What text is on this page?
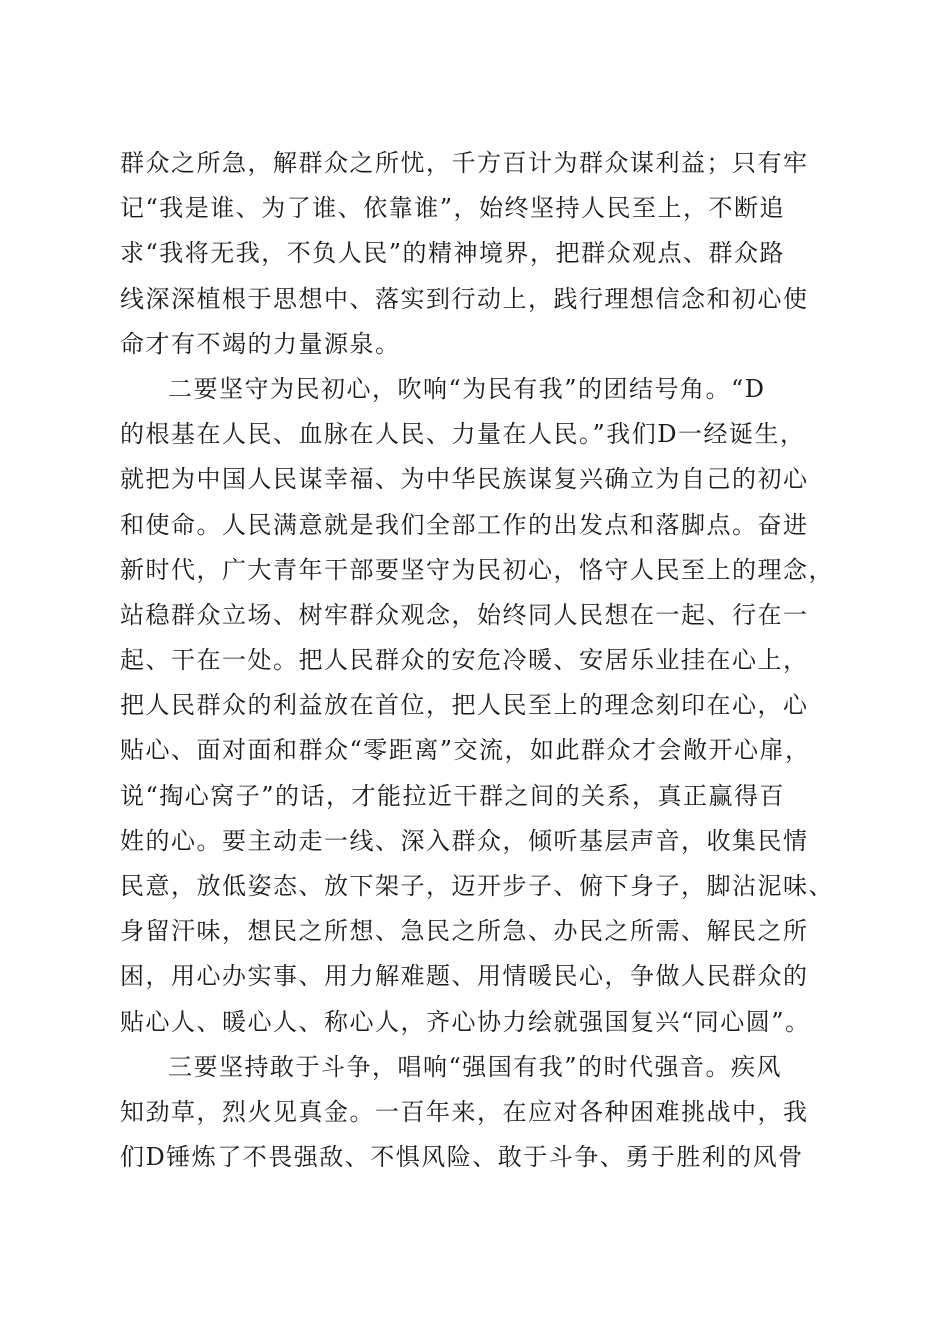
群众之所急，解群众之所忧，千方百计为群众谋利益；只有牢
记“我是谁、为了谁、依靠谁”，始终坚持人民至上，不断追
求“我将无我，不负人民”的精神境界，把群众观点、群众路
线深深植根于思想中、落实到行动上，践行理想信念和初心使
命才有不竭的力量源泉。
二要坚守为民初心，吹响“为民有我”的团结号角。“D
的根基在人民、血脉在人民、力量在人民。”我们D一经诞生，
就把为中国人民谋幸福、为中华民族谋复兴确立为自己的初心
和使命。人民满意就是我们全部工作的出发点和落脚点。奋进
新时代，广大青年干部要坚守为民初心，恪守人民至上的理念，
站稳群众立场、树牢群众观念，始终同人民想在一起、行在一
起、干在一处。把人民群众的安危冷暖、安居乐业挂在心上，
把人民群众的利益放在首位，把人民至上的理念刻印在心，心
贴心、面对面和群众“零距离”交流，如此群众才会敞开心扉，
说“掏心窝子”的话，才能拉近干群之间的关系，真正赢得百
姓的心。要主动走一线、深入群众，倾听基层声音，收集民情
民意，放低姿态、放下架子，迈开步子、俯下身子，脚沾泥味、
身留汗味，想民之所想、急民之所急、办民之所需、解民之所
困，用心办实事、用力解难题、用情暖民心，争做人民群众的
贴心人、暖心人、称心人，齐心协力绘就强国复兴“同心圆”。
三要坚持敢于斗争，唱响“强国有我”的时代强音。疾风
知劲草，烈火见真金。一百年来，在应对各种困难挑战中，我
们D锤炼了不畏强敌、不惧风险、敢于斗争、勇于胜利的风骨
